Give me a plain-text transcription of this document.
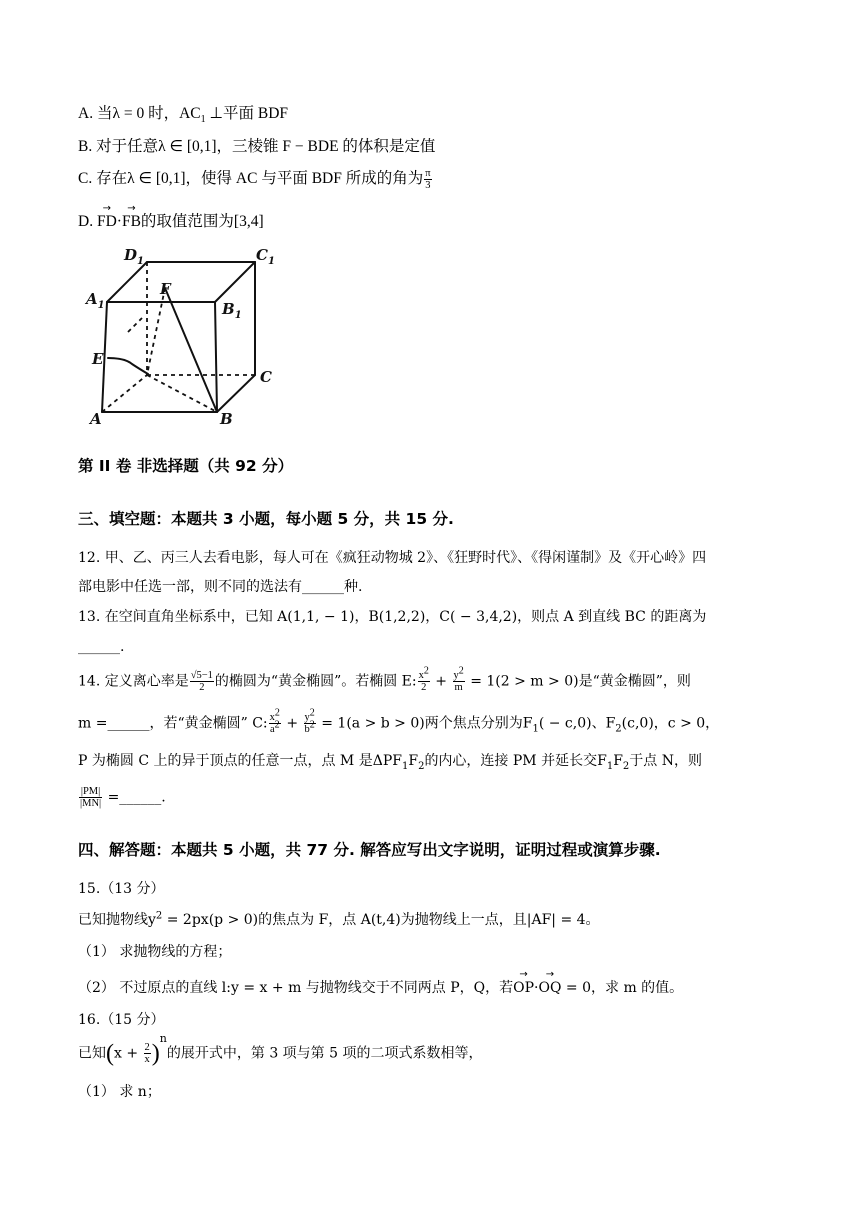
A. 当λ = 0 时，$AC_1$ ⊥平面 BDF
B. 对于任意λ ∈ [0,1]，三棱锥 F − BDE 的体积是定值
C. 存在λ ∈ [0,1]，使得 AC 与平面 BDF 所成的角为 $\frac{\pi}{3}$
D. → FD·→ FB的取值范围为[3,4]
$D_1$	$C_1$
$A_1$
F
$B_1$
E
C
A	B
第 II 卷 非选择题（共 92 分）
三、填空题：本题共 3 小题，每小题 5 分，共 15 分.
12. 甲、乙、丙三人去看电影，每人可在《疯狂动物城 2》、《狂野时代》、《得闲谨制》及《开心岭》四
部电影中任选一部，则不同的选法有______种.
13. 在空间直角坐标系中，已知 A(1,1, − 1)，B(1,2,2)，C( − 3,4,2)，则点 A 到直线 BC 的距离为
______.
14. 定义离心率是 $\frac{√5-1}{2}$ 的椭圆为“黄金椭圆”。若椭圆 E: $\frac{x^2}{2} + \frac{y^2}{m} = 1(2 > m > 0)$是“黄金椭圆”，则
m =______，若“黄金椭圆” C: $\frac{x^2}{a^2} + \frac{y^2}{b^2} = 1(a > b > 0)$两个焦点分别为$F_1( - c,0)$、$F_2(c,0)$，c > 0，
P 为椭圆 C 上的异于顶点的任意一点，点 M 是$\Delta PF_1F_2$的内心，连接 PM 并延长交$F_1F_2$于点 N，则
$\frac{|PM|}{|MN|}$ =______.
四、解答题：本题共 5 小题，共 77 分. 解答应写出文字说明，证明过程或演算步骤.
15.（13 分）
已知抛物线$y^2 = 2px(p > 0)$的焦点为 F，点 A(t,4)为抛物线上一点，且|AF| = 4。
（1） 求抛物线的方程；
（2） 不过原点的直线 l:y = x + m 与抛物线交于不同两点 P，Q，若→ OP·→ OQ = 0，求 m 的值。
16.（15 分）
已知$(x + \frac{2}{x} )^n$的展开式中，第 3 项与第 5 项的二项式系数相等，
（1） 求 n；
